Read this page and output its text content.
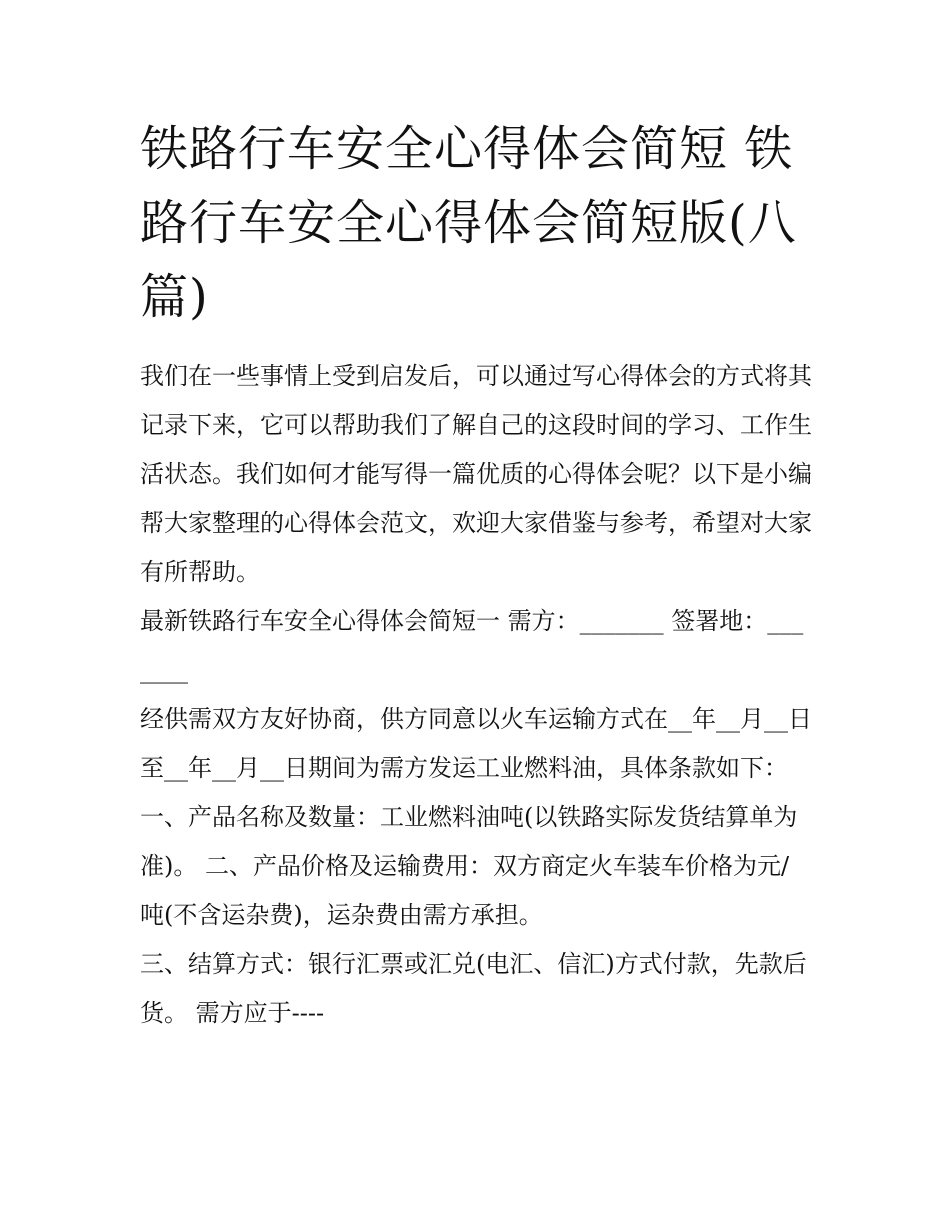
铁路行车安全心得体会简短 铁路行车安全心得体会简短版(八篇)

我们在一些事情上受到启发后，可以通过写心得体会的方式将其记录下来，它可以帮助我们了解自己的这段时间的学习、工作生活状态。我们如何才能写得一篇优质的心得体会呢？以下是小编帮大家整理的心得体会范文，欢迎大家借鉴与参考，希望对大家有所帮助。

最新铁路行车安全心得体会简短一 需方：_______ 签署地：_______

经供需双方友好协商，供方同意以火车运输方式在__年__月__日至__年__月__日期间为需方发运工业燃料油，具体条款如下：

一、产品名称及数量：工业燃料油吨(以铁路实际发货结算单为准)。 二、产品价格及运输费用：双方商定火车装车价格为元/吨(不含运杂费)，运杂费由需方承担。

三、结算方式：银行汇票或汇兑(电汇、信汇)方式付款，先款后货。 需方应于----
